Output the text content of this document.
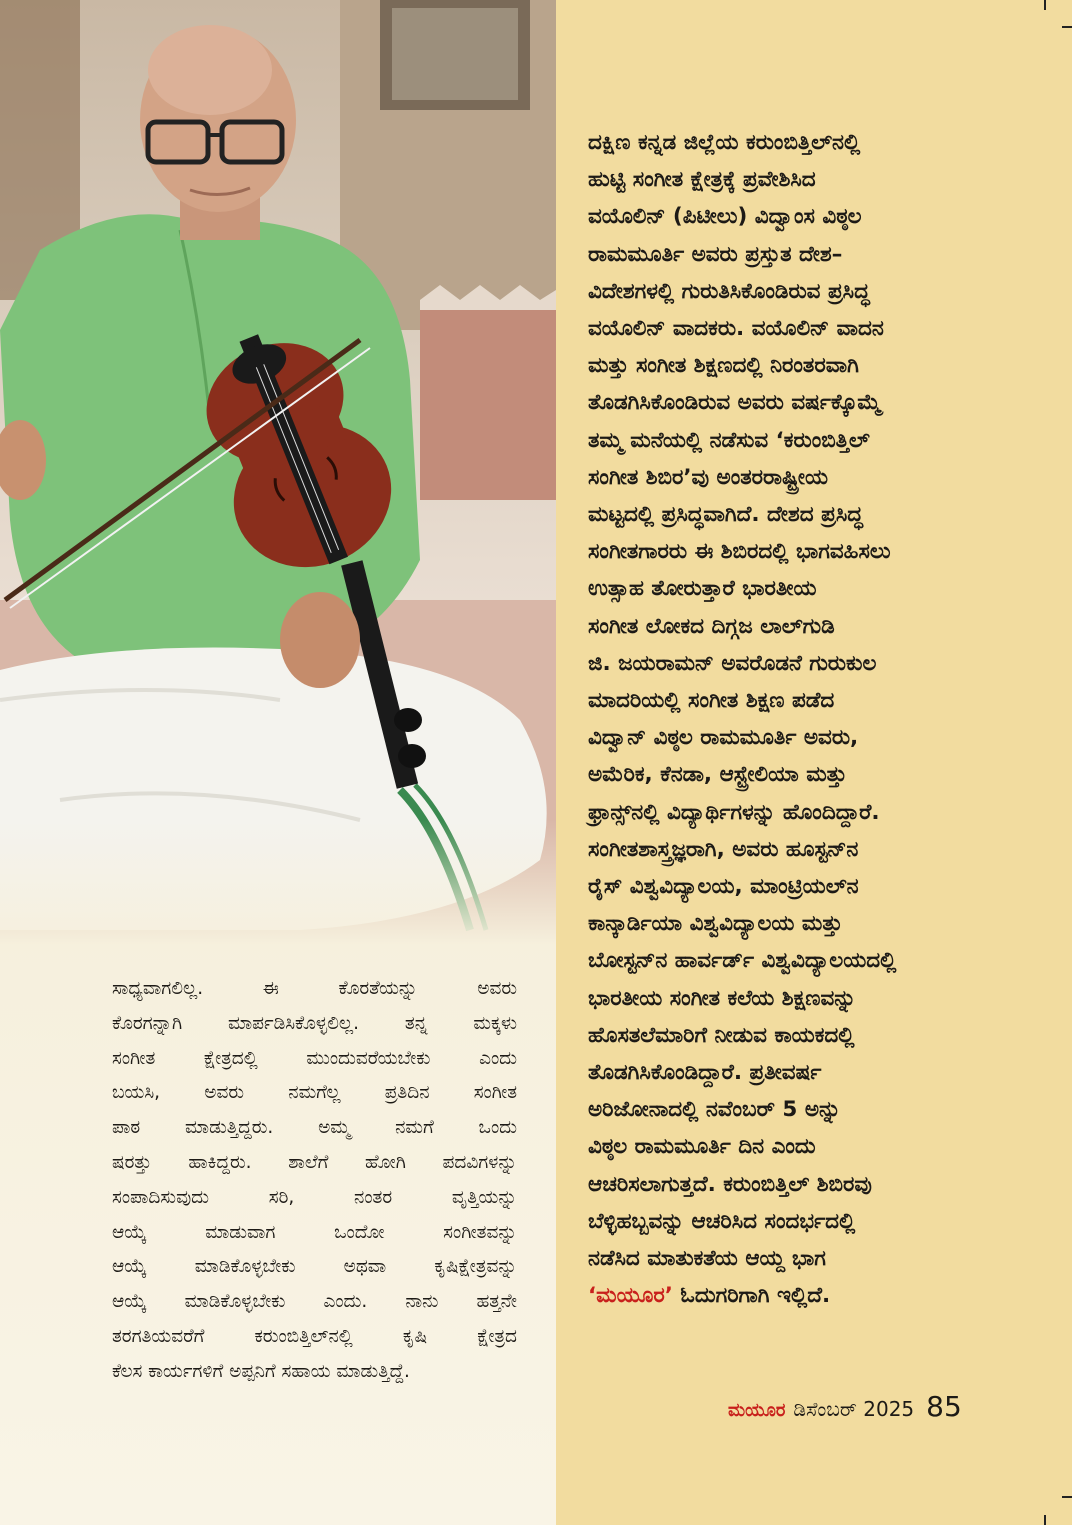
ದಕ್ಷಿಣ ಕನ್ನಡ ಜಿಲ್ಲೆಯ ಕರುಂಬಿತ್ತಿಲ್‌ನಲ್ಲಿ
ಹುಟ್ಟಿ ಸಂಗೀತ ಕ್ಷೇತ್ರಕ್ಕೆ ಪ್ರವೇಶಿಸಿದ
ವಯೊಲಿನ್ (ಪಿಟೀಲು) ವಿದ್ವಾಂಸ ವಿಠ್ಠಲ
ರಾಮಮೂರ್ತಿ ಅವರು ಪ್ರಸ್ತುತ ದೇಶ–
ವಿದೇಶಗಳಲ್ಲಿ ಗುರುತಿಸಿಕೊಂಡಿರುವ ಪ್ರಸಿದ್ಧ
ವಯೊಲಿನ್ ವಾದಕರು. ವಯೊಲಿನ್ ವಾದನ
ಮತ್ತು ಸಂಗೀತ ಶಿಕ್ಷಣದಲ್ಲಿ ನಿರಂತರವಾಗಿ
ತೊಡಗಿಸಿಕೊಂಡಿರುವ ಅವರು ವರ್ಷಕ್ಕೊಮ್ಮೆ
ತಮ್ಮ ಮನೆಯಲ್ಲಿ ನಡೆಸುವ ‘ಕರುಂಬಿತ್ತಿಲ್
ಸಂಗೀತ ಶಿಬಿರ’ವು ಅಂತರರಾಷ್ಟ್ರೀಯ
ಮಟ್ಟದಲ್ಲಿ ಪ್ರಸಿದ್ಧವಾಗಿದೆ. ದೇಶದ ಪ್ರಸಿದ್ಧ
ಸಂಗೀತಗಾರರು ಈ ಶಿಬಿರದಲ್ಲಿ ಭಾಗವಹಿಸಲು
ಉತ್ಸಾಹ ತೋರುತ್ತಾರೆ ಭಾರತೀಯ
ಸಂಗೀತ ಲೋಕದ ದಿಗ್ಗಜ ಲಾಲ್‌ಗುಡಿ
ಜಿ. ಜಯರಾಮನ್ ಅವರೊಡನೆ ಗುರುಕುಲ
ಮಾದರಿಯಲ್ಲಿ ಸಂಗೀತ ಶಿಕ್ಷಣ ಪಡೆದ
ವಿದ್ವಾನ್ ವಿಠ್ಠಲ ರಾಮಮೂರ್ತಿ ಅವರು,
ಅಮೆರಿಕ, ಕೆನಡಾ, ಆಸ್ಟ್ರೇಲಿಯಾ ಮತ್ತು
ಫ್ರಾನ್ಸ್‌ನಲ್ಲಿ ವಿದ್ಯಾರ್ಥಿಗಳನ್ನು ಹೊಂದಿದ್ದಾರೆ.
ಸಂಗೀತಶಾಸ್ತ್ರಜ್ಞರಾಗಿ, ಅವರು ಹೂಸ್ಟನ್‌ನ
ರೈಸ್ ವಿಶ್ವವಿದ್ಯಾಲಯ, ಮಾಂಟ್ರಿಯಲ್‌ನ
ಕಾನ್ಕಾರ್ಡಿಯಾ ವಿಶ್ವವಿದ್ಯಾಲಯ ಮತ್ತು
ಬೋಸ್ಟನ್‌ನ ಹಾರ್ವರ್ಡ್ ವಿಶ್ವವಿದ್ಯಾಲಯದಲ್ಲಿ
ಭಾರತೀಯ ಸಂಗೀತ ಕಲೆಯ ಶಿಕ್ಷಣವನ್ನು
ಹೊಸತಲೆಮಾರಿಗೆ ನೀಡುವ ಕಾಯಕದಲ್ಲಿ
ತೊಡಗಿಸಿಕೊಂಡಿದ್ದಾರೆ. ಪ್ರತೀವರ್ಷ
ಅರಿಜೋನಾದಲ್ಲಿ ನವೆಂಬರ್ 5 ಅನ್ನು
ವಿಠ್ಠಲ ರಾಮಮೂರ್ತಿ ದಿನ ಎಂದು
ಆಚರಿಸಲಾಗುತ್ತದೆ. ಕರುಂಬಿತ್ತಿಲ್ ಶಿಬಿರವು
ಬೆಳ್ಳಿಹಬ್ಬವನ್ನು ಆಚರಿಸಿದ ಸಂದರ್ಭದಲ್ಲಿ
ನಡೆಸಿದ ಮಾತುಕತೆಯ ಆಯ್ದ ಭಾಗ
‘ಮಯೂರ’ ಓದುಗರಿಗಾಗಿ ಇಲ್ಲಿದೆ.
ಸಾಧ್ಯವಾಗಲಿಲ್ಲ. ಈ ಕೊರತೆಯನ್ನು ಅವರು
ಕೊರಗನ್ನಾಗಿ ಮಾರ್ಪಡಿಸಿಕೊಳ್ಳಲಿಲ್ಲ. ತನ್ನ ಮಕ್ಕಳು
ಸಂಗೀತ ಕ್ಷೇತ್ರದಲ್ಲಿ ಮುಂದುವರೆಯಬೇಕು ಎಂದು
ಬಯಸಿ, ಅವರು ನಮಗೆಲ್ಲ ಪ್ರತಿದಿನ ಸಂಗೀತ
ಪಾಠ ಮಾಡುತ್ತಿದ್ದರು. ಅಮ್ಮ ನಮಗೆ ಒಂದು
ಷರತ್ತು ಹಾಕಿದ್ದರು. ಶಾಲೆಗೆ ಹೋಗಿ ಪದವಿಗಳನ್ನು
ಸಂಪಾದಿಸುವುದು ಸರಿ, ನಂತರ ವೃತ್ತಿಯನ್ನು
ಆಯ್ಕೆ ಮಾಡುವಾಗ ಒಂದೋ ಸಂಗೀತವನ್ನು
ಆಯ್ಕೆ ಮಾಡಿಕೊಳ್ಳಬೇಕು ಅಥವಾ ಕೃಷಿಕ್ಷೇತ್ರವನ್ನು
ಆಯ್ಕೆ ಮಾಡಿಕೊಳ್ಳಬೇಕು ಎಂದು. ನಾನು ಹತ್ತನೇ
ತರಗತಿಯವರೆಗೆ ಕರುಂಬಿತ್ತಿಲ್‌ನಲ್ಲಿ ಕೃಷಿ ಕ್ಷೇತ್ರದ
ಕೆಲಸ ಕಾರ್ಯಗಳಿಗೆ ಅಪ್ಪನಿಗೆ ಸಹಾಯ ಮಾಡುತ್ತಿದ್ದೆ.
ಮಯೂರ ಡಿಸೆಂಬರ್ 2025 85
